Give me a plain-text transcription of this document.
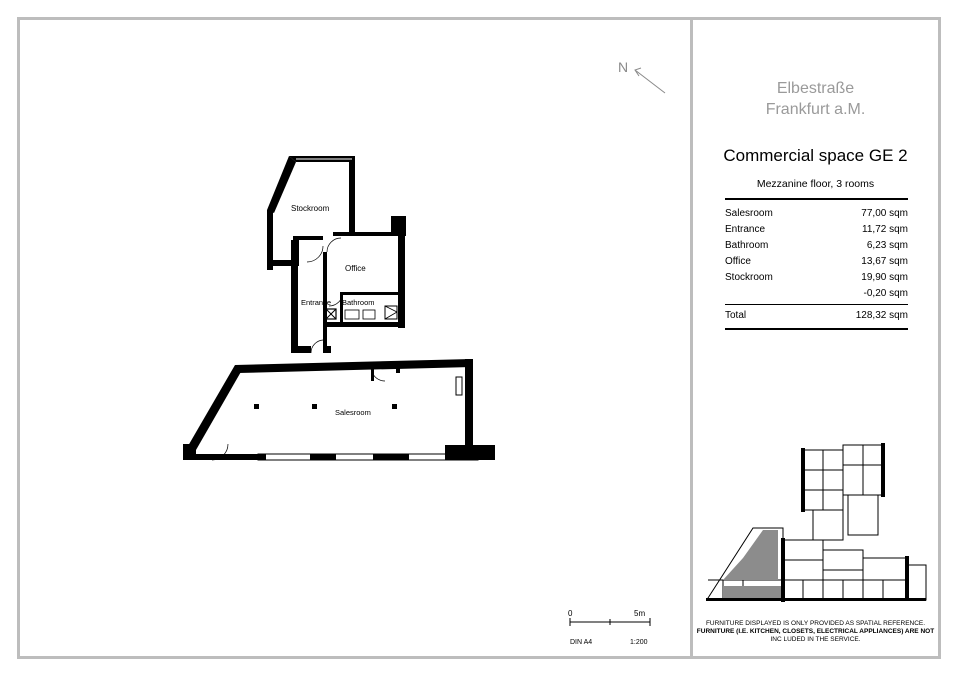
N
Stockroom
Office
Entrance Bathroom
Salesroom
0	5m
DIN A4	1:200
Elbestraße
Frankfurt a.M.
Commercial space GE 2
Mezzanine floor, 3 rooms
Salesroom	77,00 sqm
Entrance	11,72 sqm
Bathroom	6,23 sqm
Office	13,67 sqm
Stockroom	19,90 sqm
-0,20 sqm
Total	128,32 sqm
FURNITURE DISPLAYED IS ONLY PROVIDED AS SPATIAL REFERENCE.
FURNITURE (I.E. KITCHEN, CLOSETS, ELECTRICAL APPLIANCES) ARE NOT
INC LUDED IN THE SERVICE.
